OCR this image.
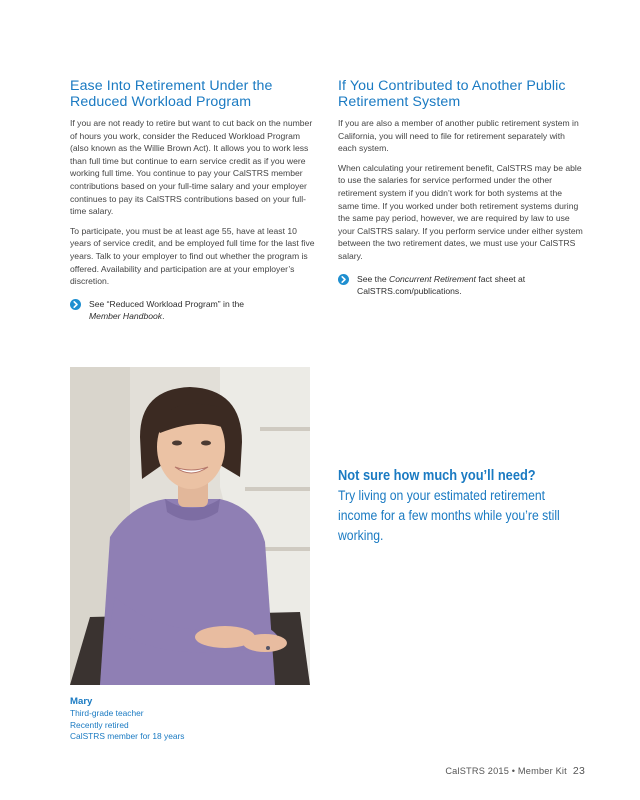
Ease Into Retirement Under the Reduced Workload Program

If you are not ready to retire but want to cut back on the number of hours you work, consider the Reduced Workload Program (also known as the Willie Brown Act). It allows you to work less than full time but continue to earn service credit as if you were working full time. You continue to pay your CalSTRS member contributions based on your full-time salary and your employer continues to pay its CalSTRS contributions based on your full-time salary.

To participate, you must be at least age 55, have at least 10 years of service credit, and be employed full time for the last five years. Talk to your employer to find out whether the program is offered. Availability and participation are at your employer’s discretion.

See “Reduced Workload Program” in the
Member Handbook.
If You Contributed to Another Public Retirement System

If you are also a member of another public retirement system in California, you will need to file for retirement separately with each system.

When calculating your retirement benefit, CalSTRS may be able to use the salaries for service performed under the other retirement system if you didn’t work for both systems at the same time. If you worked under both retirement systems during the same pay period, however, we are required by law to use your CalSTRS salary. If you perform service under either system between the two retirement dates, we must use your CalSTRS salary.

See the Concurrent Retirement fact sheet at
CalSTRS.com/publications.
Mary
Third-grade teacher
Recently retired
CalSTRS member for 18 years
Not sure how much you’ll need?
Try living on your estimated retirement income for a few months while you’re still working.
CalSTRS 2015 • Member Kit 23
